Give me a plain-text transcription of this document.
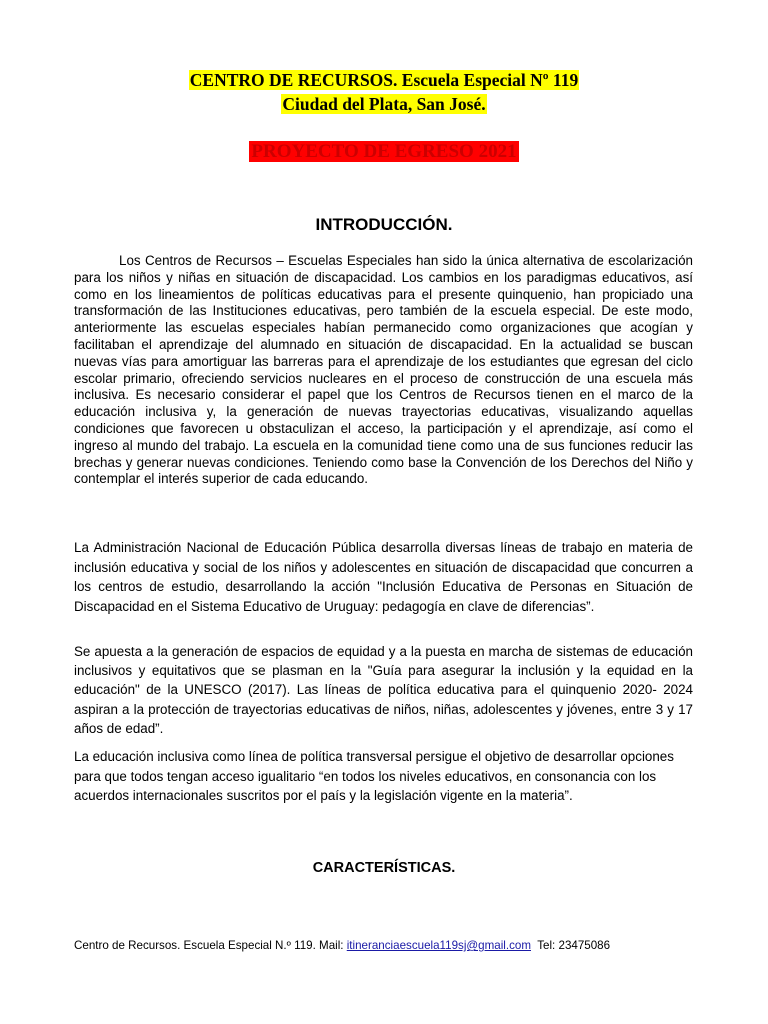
CENTRO DE RECURSOS. Escuela Especial Nº 119
Ciudad del Plata, San José.
PROYECTO DE EGRESO 2021
INTRODUCCIÓN.
Los Centros de Recursos – Escuelas Especiales han sido la única alternativa de escolarización para los niños y niñas en situación de discapacidad. Los cambios en los paradigmas educativos, así como en los lineamientos de políticas educativas para el presente quinquenio, han propiciado una transformación de las Instituciones educativas, pero también de la escuela especial. De este modo, anteriormente las escuelas especiales habían permanecido como organizaciones que acogían y facilitaban el aprendizaje del alumnado en situación de discapacidad. En la actualidad se buscan nuevas vías para amortiguar las barreras para el aprendizaje de los estudiantes que egresan del ciclo escolar primario, ofreciendo servicios nucleares en el proceso de construcción de una escuela más inclusiva. Es necesario considerar el papel que los Centros de Recursos tienen en el marco de la educación inclusiva y, la generación de nuevas trayectorias educativas, visualizando aquellas condiciones que favorecen u obstaculizan el acceso, la participación y el aprendizaje, así como el ingreso al mundo del trabajo. La escuela en la comunidad tiene como una de sus funciones reducir las brechas y generar nuevas condiciones. Teniendo como base la Convención de los Derechos del Niño y contemplar el interés superior de cada educando.
La Administración Nacional de Educación Pública desarrolla diversas líneas de trabajo en materia de inclusión educativa y social de los niños y adolescentes en situación de discapacidad que concurren a los centros de estudio, desarrollando la acción "Inclusión Educativa de Personas en Situación de Discapacidad en el Sistema Educativo de Uruguay: pedagogía en clave de diferencias”.
Se apuesta a la generación de espacios de equidad y a la puesta en marcha de sistemas de educación inclusivos y equitativos que se plasman en la "Guía para asegurar la inclusión y la equidad en la educación" de la UNESCO (2017). Las líneas de política educativa para el quinquenio 2020- 2024 aspiran a la protección de trayectorias educativas de niños, niñas, adolescentes y jóvenes, entre 3 y 17 años de edad”.
La educación inclusiva como línea de política transversal persigue el objetivo de desarrollar opciones para que todos tengan acceso igualitario “en todos los niveles educativos, en consonancia con los acuerdos internacionales suscritos por el país y la legislación vigente en la materia”.
CARACTERÍSTICAS.
Centro de Recursos. Escuela Especial N.º 119. Mail: itineranciaescuela119sj@gmail.com  Tel: 23475086
